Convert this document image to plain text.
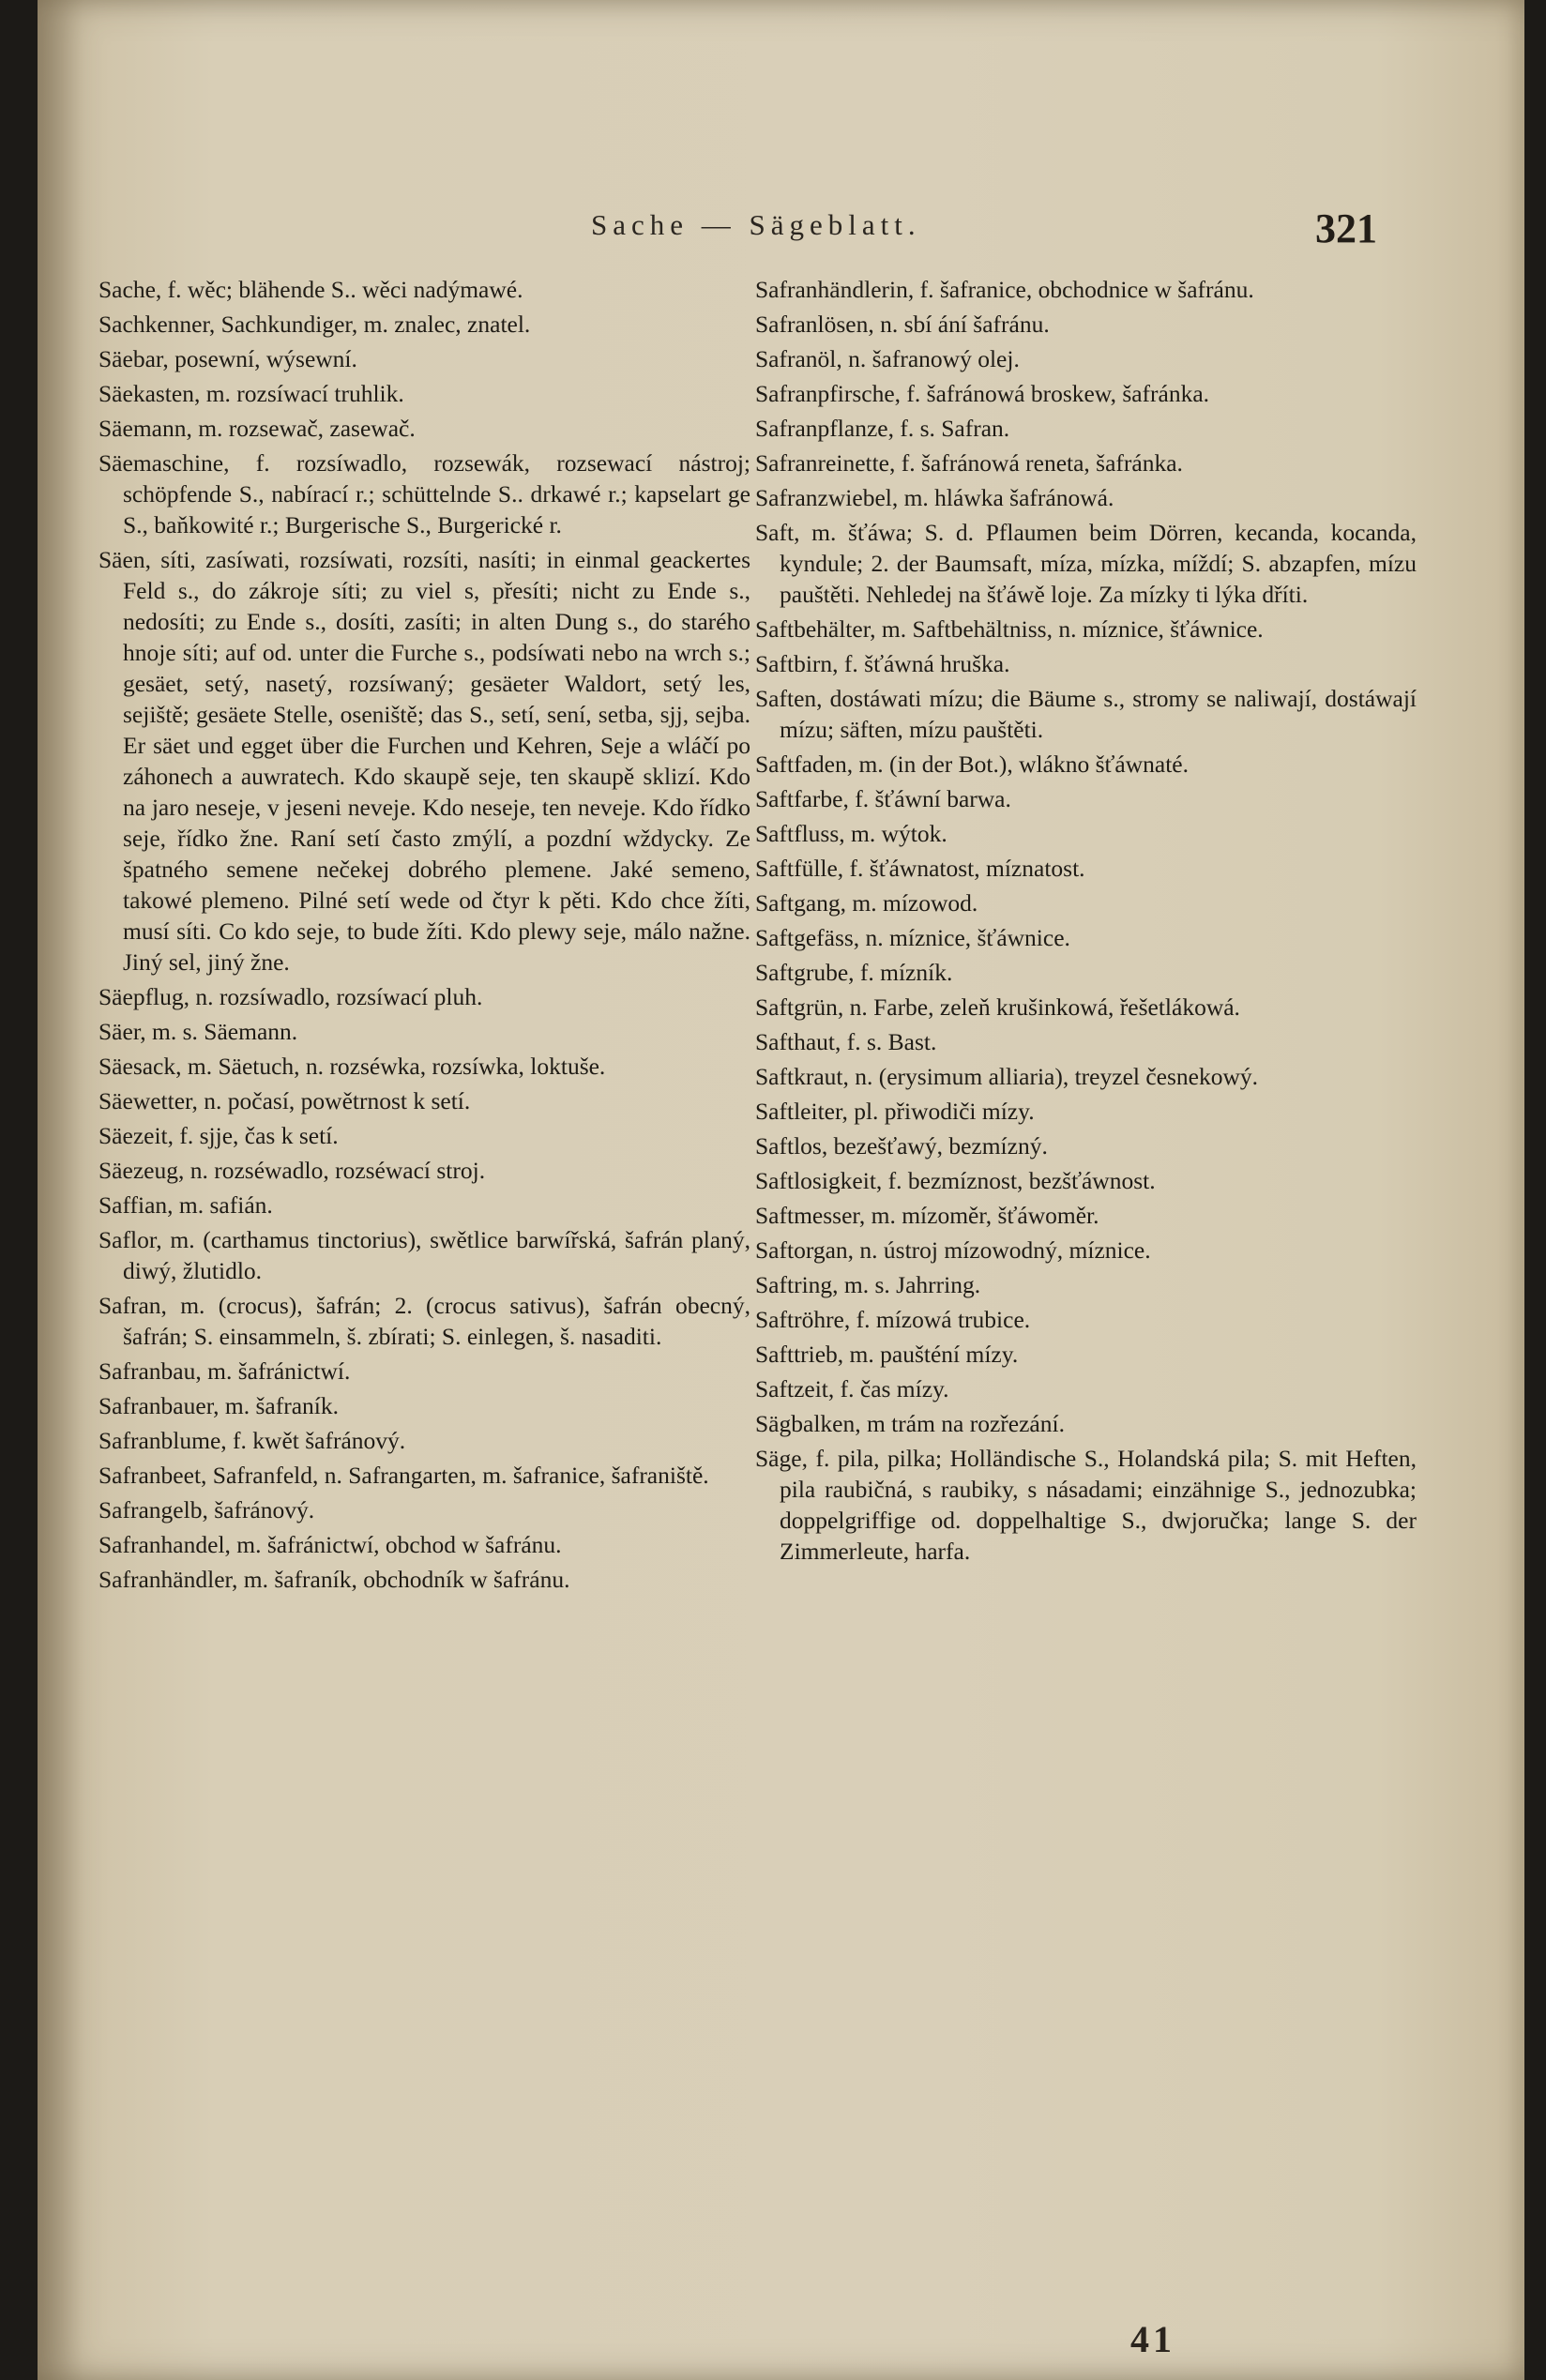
Sache — Sägeblatt.	321

Sache, f. wěc; blähende S.. wěci nadýmawé.

Sachkenner, Sachkundiger, m. znalec, znatel.

Säebar, posewní, wýsewní.

Säekasten, m. rozsíwací truhlik.

Säemann, m. rozsewač, zasewač.

Säemaschine, f. rozsíwadlo, rozsewák, rozsewací nástroj; schöpfende S., nabírací r.; schüttelnde S.. drkawé r.; kapselart ge S., baňkowité r.; Burgerische S., Burgerické r.

Säen, síti, zasíwati, rozsíwati, rozsíti, nasíti; in einmal geackertes Feld s., do zákroje síti; zu viel s, přesíti; nicht zu Ende s., nedosíti; zu Ende s., dosíti, zasíti; in alten Dung s., do starého hnoje síti; auf od. unter die Furche s., podsíwati nebo na wrch s.; gesäet, setý, nasetý, rozsíwaný; gesäeter Waldort, setý les, sejiště; gesäete Stelle, oseniště; das S., setí, sení, setba, sjj, sejba. Er säet und egget über die Furchen und Kehren, Seje a wláčí po záhonech a auwratech. Kdo skaupě seje, ten skaupě sklizí. Kdo na jaro neseje, v jeseni neveje. Kdo neseje, ten neveje. Kdo řídko seje, řídko žne. Raní setí často zmýlí, a pozdní wždycky. Ze špatného semene nečekej dobrého plemene. Jaké semeno, takowé plemeno. Pilné setí wede od čtyr k pěti. Kdo chce žíti, musí síti. Co kdo seje, to bude žíti. Kdo plewy seje, málo nažne. Jiný sel, jiný žne.

Säepflug, n. rozsíwadlo, rozsíwací pluh.

Säer, m. s. Säemann.

Säesack, m. Säetuch, n. rozséwka, rozsíwka, loktuše.

Säewetter, n. počasí, powětrnost k setí.

Säezeit, f. sjje, čas k setí.

Säezeug, n. rozséwadlo, rozséwací stroj.

Saffian, m. safián.

Saflor, m. (carthamus tinctorius), swětlice barwířská, šafrán planý, diwý, žlutidlo.

Safran, m. (crocus), šafrán; 2. (crocus sativus), šafrán obecný, šafrán; S. einsammeln, š. zbírati; S. einlegen, š. nasaditi.

Safranbau, m. šafránictwí.

Safranbauer, m. šafraník.

Safranblume, f. kwět šafránový.

Safranbeet, Safranfeld, n. Safrangarten, m. šafranice, šafraniště.

Safrangelb, šafránový.

Safranhandel, m. šafránictwí, obchod w šafránu.

Safranhändler, m. šafraník, obchodník w šafránu.

Safranhändlerin, f. šafranice, obchodnice w šafránu.

Safranlösen, n. sbí ání šafránu.

Safranöl, n. šafranowý olej.

Safranpfirsche, f. šafránowá broskew, šafránka.

Safranpflanze, f. s. Safran.

Safranreinette, f. šafránowá reneta, šafránka.

Safranzwiebel, m. hláwka šafránowá.

Saft, m. šťáwa; S. d. Pflaumen beim Dörren, kecanda, kocanda, kyndule; 2. der Baumsaft, míza, mízka, míždí; S. abzapfen, mízu pauštěti. Nehledej na šťáwě loje. Za mízky ti lýka dříti.

Saftbehälter, m. Saftbehältniss, n. míznice, šťáwnice.

Saftbirn, f. šťáwná hruška.

Saften, dostáwati mízu; die Bäume s., stromy se naliwají, dostáwají mízu; säften, mízu pauštěti.

Saftfaden, m. (in der Bot.), wlákno šťáwnaté.

Saftfarbe, f. šťáwní barwa.

Saftfluss, m. wýtok.

Saftfülle, f. šťáwnatost, míznatost.

Saftgang, m. mízowod.

Saftgefäss, n. míznice, šťáwnice.

Saftgrube, f. mízník.

Saftgrün, n. Farbe, zeleň krušinkowá, řešetlákowá.

Safthaut, f. s. Bast.

Saftkraut, n. (erysimum alliaria), treyzel česnekowý.

Saftleiter, pl. přiwodiči mízy.

Saftlos, bezešťawý, bezmízný.

Saftlosigkeit, f. bezmíznost, bezšťáwnost.

Saftmesser, m. mízoměr, šťáwoměr.

Saftorgan, n. ústroj mízowodný, míznice.

Saftring, m. s. Jahrring.

Saftröhre, f. mízowá trubice.

Safttrieb, m. paušténí mízy.

Saftzeit, f. čas mízy.

Sägbalken, m trám na rozřezání.

Säge, f. pila, pilka; Holländische S., Holandská pila; S. mit Heften, pila raubičná, s raubiky, s násadami; einzähnige S., jednozubka; doppelgriffige od. doppelhaltige S., dwjoručka; lange S. der Zimmerleute, harfa.

41
